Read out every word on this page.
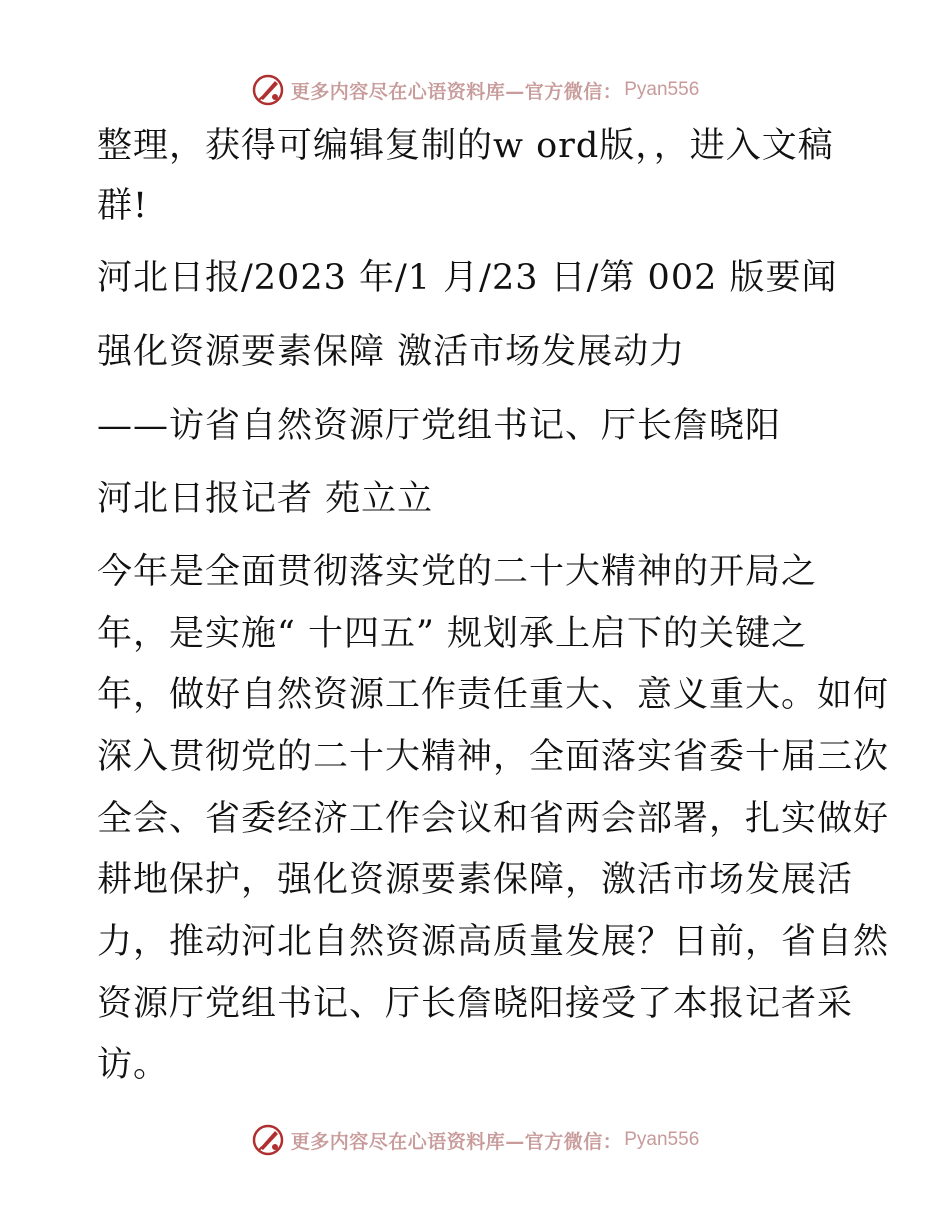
更多内容尽在心语资料库—官方微信： Pyan556
整理，获得可编辑复制的w ord版，，进入文稿
群!
河北日报/2023 年/1 月/23 日/第 002 版要闻
强化资源要素保障 激活市场发展动力
——访省自然资源厅党组书记、厅长詹晓阳
河北日报记者 苑立立
今年是全面贯彻落实党的二十大精神的开局之
年，是实施“ 十四五” 规划承上启下的关键之
年，做好自然资源工作责任重大、意义重大。如何
深入贯彻党的二十大精神，全面落实省委十届三次
全会、省委经济工作会议和省两会部署，扎实做好
耕地保护，强化资源要素保障，激活市场发展活
力，推动河北自然资源高质量发展？日前，省自然
资源厅党组书记、厅长詹晓阳接受了本报记者采
访。
更多内容尽在心语资料库—官方微信： Pyan556
